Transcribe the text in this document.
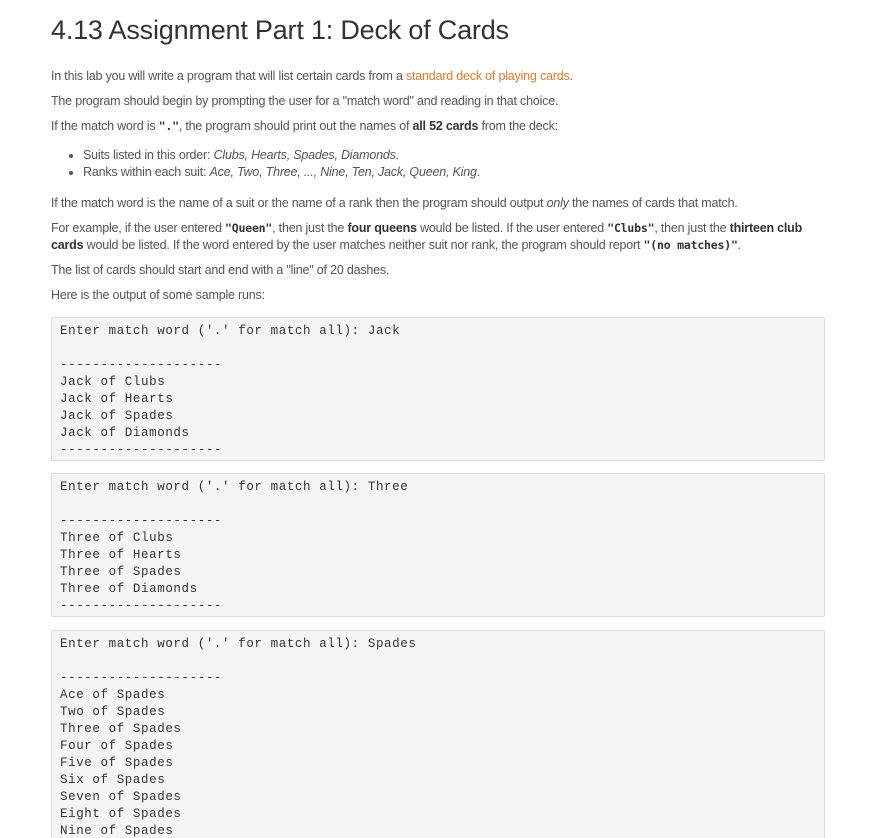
4.13 Assignment Part 1: Deck of Cards

In this lab you will write a program that will list certain cards from a standard deck of playing cards.

The program should begin by prompting the user for a "match word" and reading in that choice.

If the match word is ".", the program should print out the names of all 52 cards from the deck:

• Suits listed in this order: Clubs, Hearts, Spades, Diamonds.
• Ranks within each suit: Ace, Two, Three, ..., Nine, Ten, Jack, Queen, King.

If the match word is the name of a suit or the name of a rank then the program should output only the names of cards that match.

For example, if the user entered "Queen", then just the four queens would be listed. If the user entered "Clubs", then just the thirteen club
cards would be listed. If the word entered by the user matches neither suit nor rank, the program should report "(no matches)".

The list of cards should start and end with a "line" of 20 dashes.

Here is the output of some sample runs:

Enter match word ('.' for match all): Jack

--------------------
Jack of Clubs
Jack of Hearts
Jack of Spades
Jack of Diamonds
--------------------
Enter match word ('.' for match all): Three

--------------------
Three of Clubs
Three of Hearts
Three of Spades
Three of Diamonds
--------------------
Enter match word ('.' for match all): Spades

--------------------
Ace of Spades
Two of Spades
Three of Spades
Four of Spades
Five of Spades
Six of Spades
Seven of Spades
Eight of Spades
Nine of Spades
